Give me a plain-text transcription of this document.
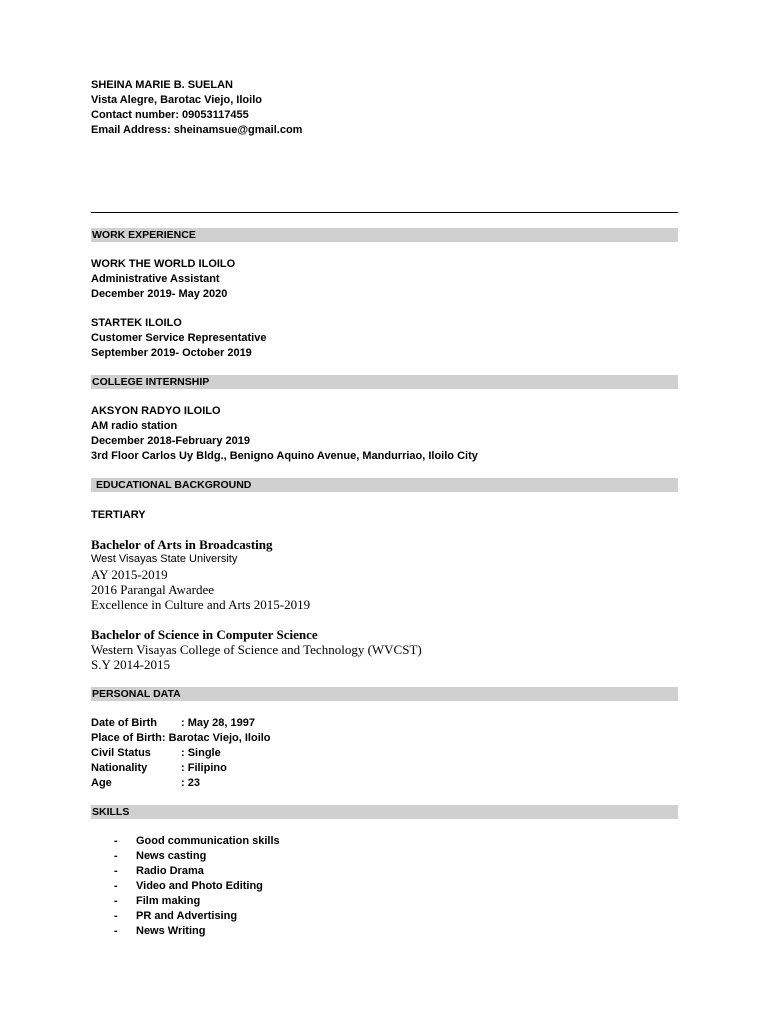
SHEINA MARIE B. SUELAN
Vista Alegre, Barotac Viejo, Iloilo
Contact number: 09053117455
Email Address: sheinamsue@gmail.com
WORK EXPERIENCE
WORK THE WORLD ILOILO
Administrative Assistant
December 2019- May 2020
STARTEK ILOILO
Customer Service Representative
September 2019- October 2019
COLLEGE INTERNSHIP
AKSYON RADYO ILOILO
AM radio station
December 2018-February 2019
3rd Floor Carlos Uy Bldg., Benigno Aquino Avenue, Mandurriao, Iloilo City
EDUCATIONAL BACKGROUND
TERTIARY
Bachelor of Arts in Broadcasting
West Visayas State University
AY 2015-2019
2016 Parangal Awardee
Excellence in Culture and Arts 2015-2019
Bachelor of Science in Computer Science
Western Visayas College of Science and Technology (WVCST)
S.Y 2014-2015
PERSONAL DATA
Date of Birth : May 28, 1997
Place of Birth: Barotac Viejo, Iloilo
Civil Status	: Single
Nationality	: Filipino
Age	: 23
SKILLS
- Good communication skills
- News casting
- Radio Drama
- Video and Photo Editing
- Film making
- PR and Advertising
- News Writing
